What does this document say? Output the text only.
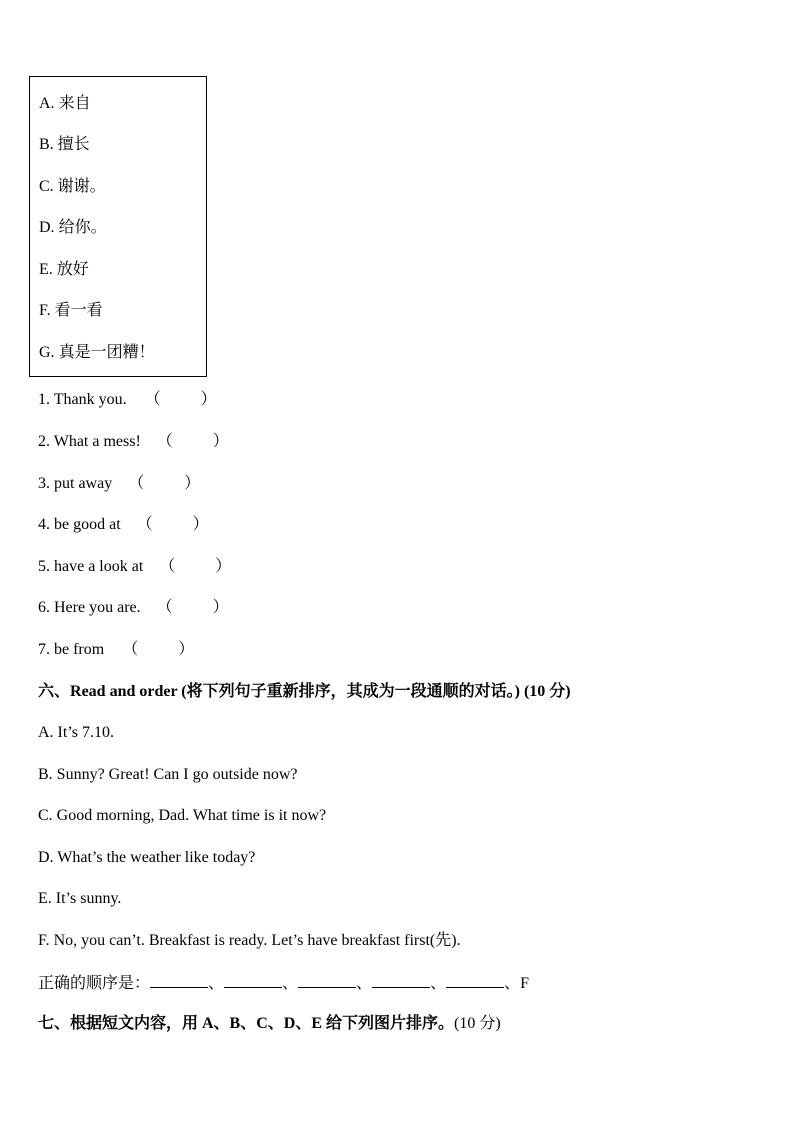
A. 来自
B. 擅长
C. 谢谢。
D. 给你。
E. 放好
F. 看一看
G. 真是一团糟！
1. Thank you. （          ）
2. What a mess! （          ）
3. put away （          ）
4. be good at （          ）
5. have a look at （          ）
6. Here you are. （          ）
7. be from （          ）
六、Read and order (将下列句子重新排序，其成为一段通顺的对话。) (10 分)
A. It’s 7.10.
B. Sunny? Great! Can I go outside now?
C. Good morning, Dad. What time is it now?
D. What’s the weather like today?
E. It’s sunny.
F. No, you can’t. Breakfast is ready. Let’s have breakfast first(先).
正确的顺序是：	、	、	、	、	、F
七、根据短文内容，用 A、B、C、D、E 给下列图片排序。(10 分)
